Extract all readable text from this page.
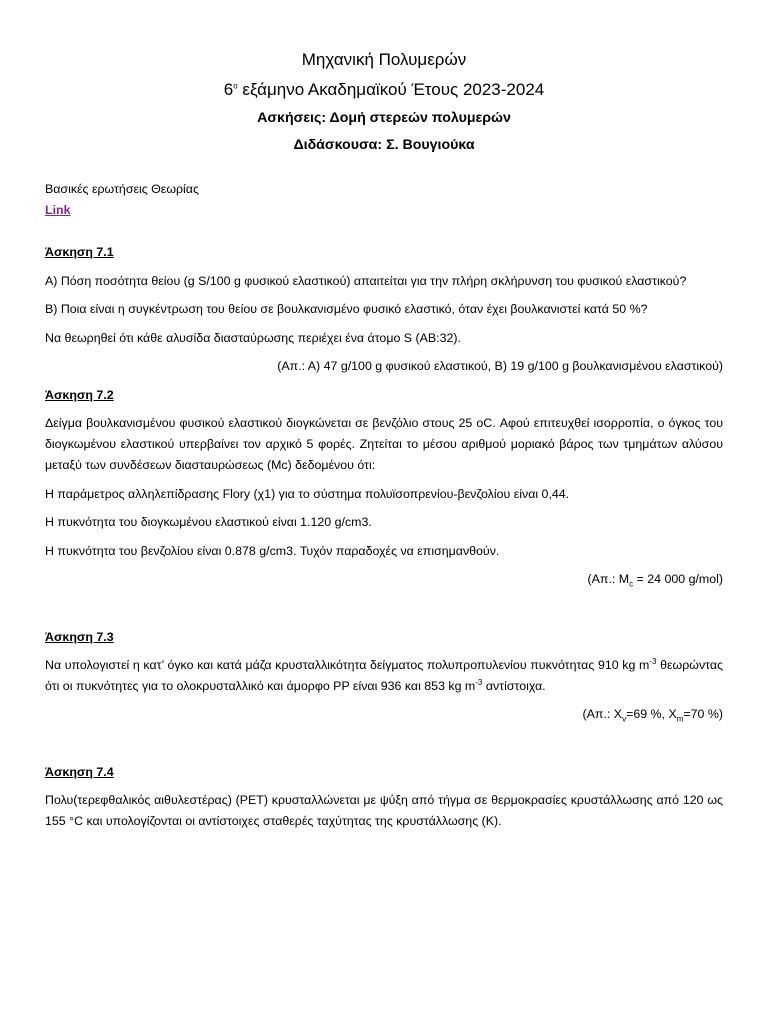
Μηχανική Πολυμερών
$6^o$ εξάμηνο Ακαδημαϊκού Έτους 2023-2024
Ασκήσεις: Δομή στερεών πολυμερών
Διδάσκουσα: Σ. Βουγιούκα
Βασικές ερωτήσεις Θεωρίας
Link
Άσκηση 7.1
Α) Πόση ποσότητα θείου (g S/100 g φυσικού ελαστικού) απαιτείται για την πλήρη σκλήρυνση του φυσικού ελαστικού?
Β) Ποια είναι η συγκέντρωση του θείου σε βουλκανισμένο φυσικό ελαστικό, όταν έχει βουλκανιστεί κατά 50 %?
Να θεωρηθεί ότι κάθε αλυσίδα διασταύρωσης περιέχει ένα άτομο S (ΑΒ:32).
(Απ.: Α) 47 g/100 g φυσικού ελαστικού, Β) 19 g/100 g βουλκανισμένου ελαστικού)
Άσκηση 7.2
Δείγμα βουλκανισμένου φυσικού ελαστικού διογκώνεται σε βενζόλιο στους 25 oC. Αφού επιτευχθεί ισορροπία, ο όγκος του διογκωμένου ελαστικού υπερβαίνει τον αρχικό 5 φορές. Ζητείται το μέσου αριθμού μοριακό βάρος των τμημάτων αλύσου μεταξύ των συνδέσεων διασταυρώσεως (Mc) δεδομένου ότι:
Η παράμετρος αλληλεπίδρασης Flory (χ1) για το σύστημα πολυϊσοπρενίου-βενζολίου είναι 0,44.
Η πυκνότητα του διογκωμένου ελαστικού είναι 1.120 g/cm3.
Η πυκνότητα του βενζολίου είναι 0.878 g/cm3. Τυχόν παραδοχές να επισημανθούν.
(Απ.: $M_c = 24$ 000 g/mol)
Άσκηση 7.3
Να υπολογιστεί η κατ’ όγκο και κατά μάζα κρυσταλλικότητα δείγματος πολυπροπυλενίου πυκνότητας 910 kg $m^{-3}$ θεωρώντας ότι οι πυκνότητες για το ολοκρυσταλλικό και άμορφο PP είναι 936 και 853 kg $m^{-3}$ αντίστοιχα.
(Απ.: $X_v=69$ %, $X_m=70$ %)
Άσκηση 7.4
Πολυ(τερεφθαλικός αιθυλεστέρας) (PET) κρυσταλλώνεται με ψύξη από τήγμα σε θερμοκρασίες κρυστάλλωσης από 120 ως 155 °C και υπολογίζονται οι αντίστοιχες σταθερές ταχύτητας της κρυστάλλωσης (K).
